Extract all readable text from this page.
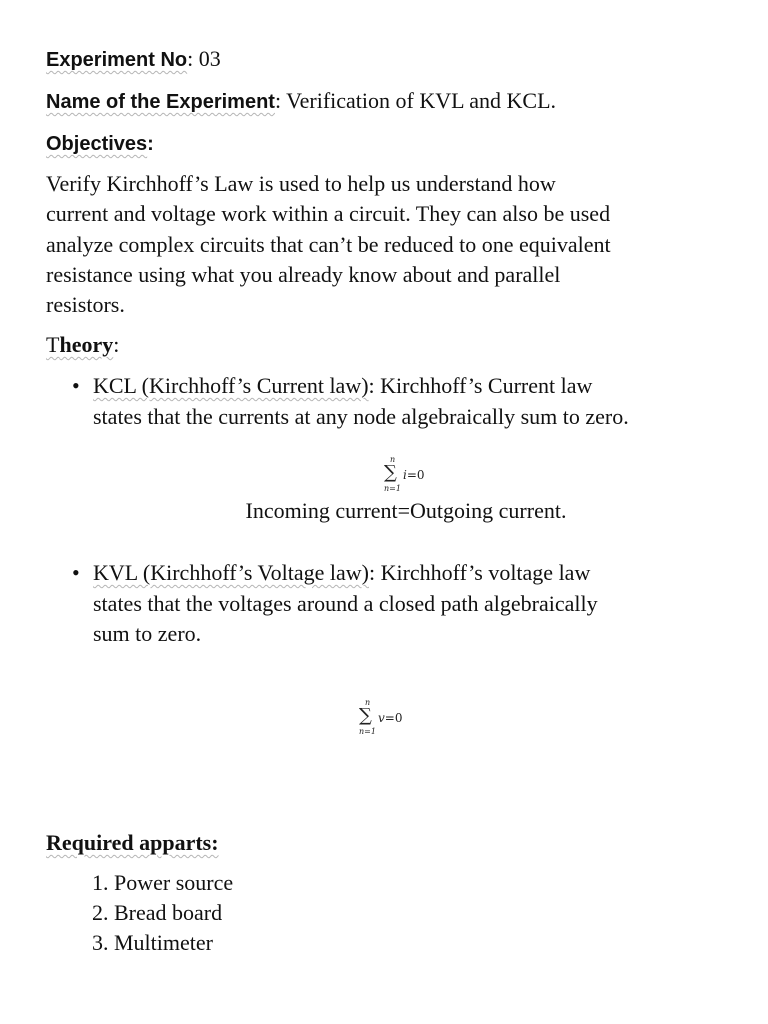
Experiment No: 03
Name of the Experiment: Verification of KVL and KCL.
Objectives:
Verify Kirchhoff’s Law is used to help us understand how
current and voltage work within a circuit. They can also be used
analyze complex circuits that can’t be reduced to one equivalent
resistance using what you already know about and parallel
resistors.
Theory:
• KCL (Kirchhoff’s Current law): Kirchhoff’s Current law
states that the currents at any node algebraically sum to zero.
n
∑
n=1
i=0
Incoming current=Outgoing current.
• KVL (Kirchhoff’s Voltage law): Kirchhoff’s voltage law
states that the voltages around a closed path algebraically
sum to zero.
n
∑
n=1
v=0
Required apparts:
1. Power source
2. Bread board
3. Multimeter
